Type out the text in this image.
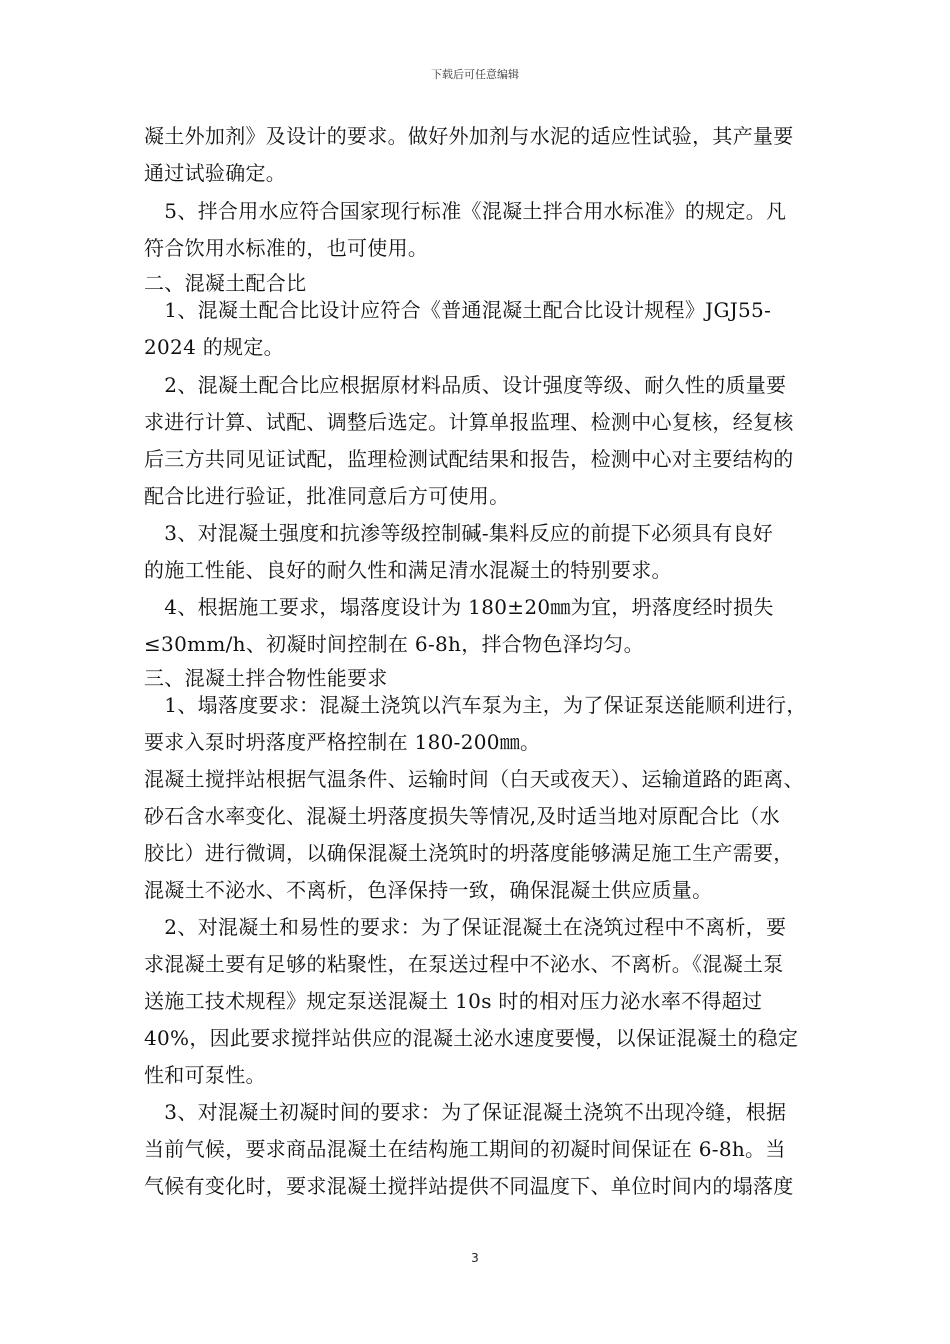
下载后可任意编辑
凝土外加剂》及设计的要求。做好外加剂与水泥的适应性试验，其产量要
通过试验确定。
　5、拌合用水应符合国家现行标准《混凝土拌合用水标准》的规定。凡
符合饮用水标准的，也可使用。
二、混凝土配合比
　1、混凝土配合比设计应符合《普通混凝土配合比设计规程》JGJ55-
2024 的规定。
　2、混凝土配合比应根据原材料品质、设计强度等级、耐久性的质量要
求进行计算、试配、调整后选定。计算单报监理、检测中心复核，经复核
后三方共同见证试配，监理检测试配结果和报告，检测中心对主要结构的
配合比进行验证，批准同意后方可使用。
　3、对混凝土强度和抗渗等级控制碱-集料反应的前提下必须具有良好
的施工性能、良好的耐久性和满足清水混凝土的特别要求。
　4、根据施工要求，塌落度设计为 180±20㎜为宜，坍落度经时损失
≤30mm/h、初凝时间控制在 6-8h，拌合物色泽均匀。
三、混凝土拌合物性能要求
　1、塌落度要求：混凝土浇筑以汽车泵为主，为了保证泵送能顺利进行，
要求入泵时坍落度严格控制在 180-200㎜。
混凝土搅拌站根据气温条件、运输时间（白天或夜天）、运输道路的距离、
砂石含水率变化、混凝土坍落度损失等情况,及时适当地对原配合比（水
胶比）进行微调，以确保混凝土浇筑时的坍落度能够满足施工生产需要，
混凝土不泌水、不离析，色泽保持一致，确保混凝土供应质量。
　2、对混凝土和易性的要求：为了保证混凝土在浇筑过程中不离析，要
求混凝土要有足够的粘聚性，在泵送过程中不泌水、不离析。《混凝土泵
送施工技术规程》规定泵送混凝土 10s 时的相对压力泌水率不得超过
40%，因此要求搅拌站供应的混凝土泌水速度要慢，以保证混凝土的稳定
性和可泵性。
　3、对混凝土初凝时间的要求：为了保证混凝土浇筑不出现冷缝，根据
当前气候，要求商品混凝土在结构施工期间的初凝时间保证在 6-8h。当
气候有变化时，要求混凝土搅拌站提供不同温度下、单位时间内的塌落度
3
